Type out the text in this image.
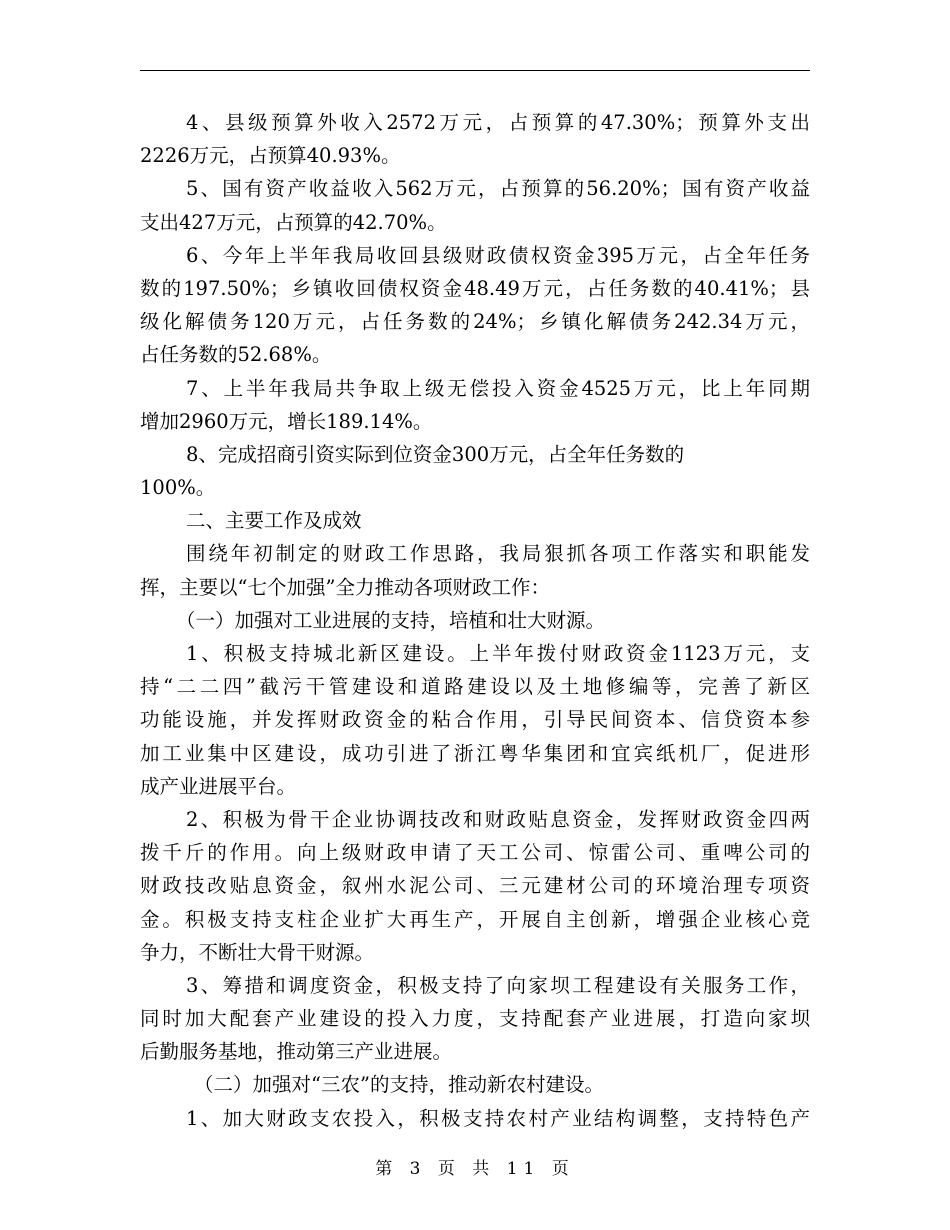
4、县级预算外收入2572万元，占预算的47.30%；预算外支出
2226万元，占预算40.93%。
5、国有资产收益收入562万元，占预算的56.20%；国有资产收益
支出427万元，占预算的42.70%。
6、今年上半年我局收回县级财政债权资金395万元，占全年任务
数的197.50%；乡镇收回债权资金48.49万元，占任务数的40.41%；县
级化解债务120万元，占任务数的24%；乡镇化解债务242.34万元，
占任务数的52.68%。
7、上半年我局共争取上级无偿投入资金4525万元，比上年同期
增加2960万元，增长189.14%。
8、完成招商引资实际到位资金300万元，占全年任务数的
100%。
二、主要工作及成效
围绕年初制定的财政工作思路，我局狠抓各项工作落实和职能发
挥，主要以“七个加强”全力推动各项财政工作：
（一）加强对工业进展的支持，培植和壮大财源。
1、积极支持城北新区建设。上半年拨付财政资金1123万元，支
持“二二四”截污干管建设和道路建设以及土地修编等，完善了新区
功能设施，并发挥财政资金的粘合作用，引导民间资本、信贷资本参
加工业集中区建设，成功引进了浙江粤华集团和宜宾纸机厂，促进形
成产业进展平台。
2、积极为骨干企业协调技改和财政贴息资金，发挥财政资金四两
拨千斤的作用。向上级财政申请了天工公司、惊雷公司、重啤公司的
财政技改贴息资金，叙州水泥公司、三元建材公司的环境治理专项资
金。积极支持支柱企业扩大再生产，开展自主创新，增强企业核心竞
争力，不断壮大骨干财源。
3、筹措和调度资金，积极支持了向家坝工程建设有关服务工作，
同时加大配套产业建设的投入力度，支持配套产业进展，打造向家坝
后勤服务基地，推动第三产业进展。
（二）加强对“三农”的支持，推动新农村建设。
1、加大财政支农投入，积极支持农村产业结构调整，支持特色产
第 3 页 共 11 页
